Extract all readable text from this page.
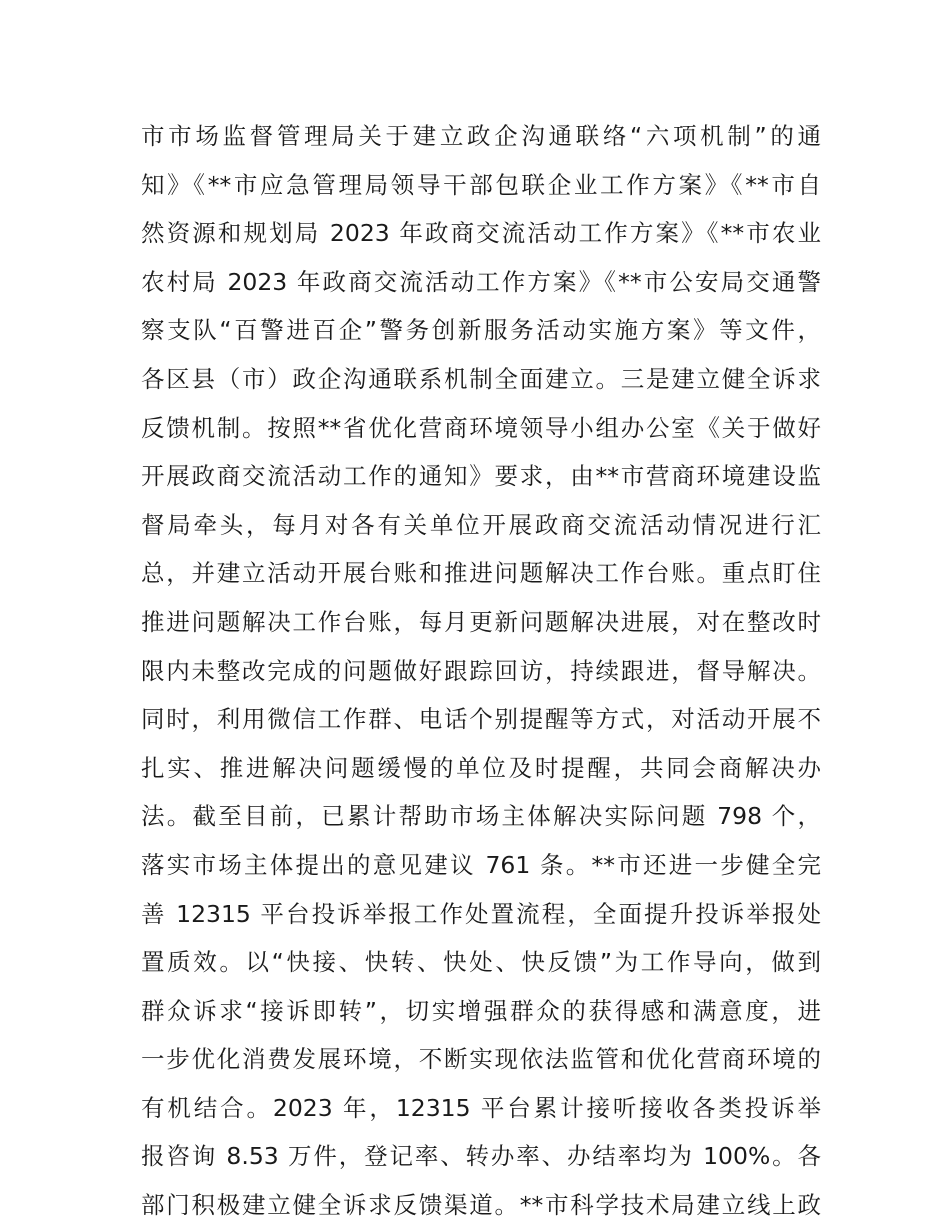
市市场监督管理局关于建立政企沟通联络“六项机制”的通
知》《**市应急管理局领导干部包联企业工作方案》《**市自
然资源和规划局 2023 年政商交流活动工作方案》《**市农业
农村局 2023 年政商交流活动工作方案》《**市公安局交通警
察支队“百警进百企”警务创新服务活动实施方案》等文件，
各区县（市）政企沟通联系机制全面建立。三是建立健全诉求
反馈机制。按照**省优化营商环境领导小组办公室《关于做好
开展政商交流活动工作的通知》要求，由**市营商环境建设监
督局牵头，每月对各有关单位开展政商交流活动情况进行汇
总，并建立活动开展台账和推进问题解决工作台账。重点盯住
推进问题解决工作台账，每月更新问题解决进展，对在整改时
限内未整改完成的问题做好跟踪回访，持续跟进，督导解决。
同时，利用微信工作群、电话个别提醒等方式，对活动开展不
扎实、推进解决问题缓慢的单位及时提醒，共同会商解决办
法。截至目前，已累计帮助市场主体解决实际问题 798 个，
落实市场主体提出的意见建议 761 条。**市还进一步健全完
善 12315 平台投诉举报工作处置流程，全面提升投诉举报处
置质效。以“快接、快转、快处、快反馈”为工作导向，做到
群众诉求“接诉即转”，切实增强群众的获得感和满意度，进
一步优化消费发展环境，不断实现依法监管和优化营商环境的
有机结合。2023 年，12315 平台累计接听接收各类投诉举
报咨询 8.53 万件，登记率、转办率、办结率均为 100%。各
部门积极建立健全诉求反馈渠道。**市科学技术局建立线上政
